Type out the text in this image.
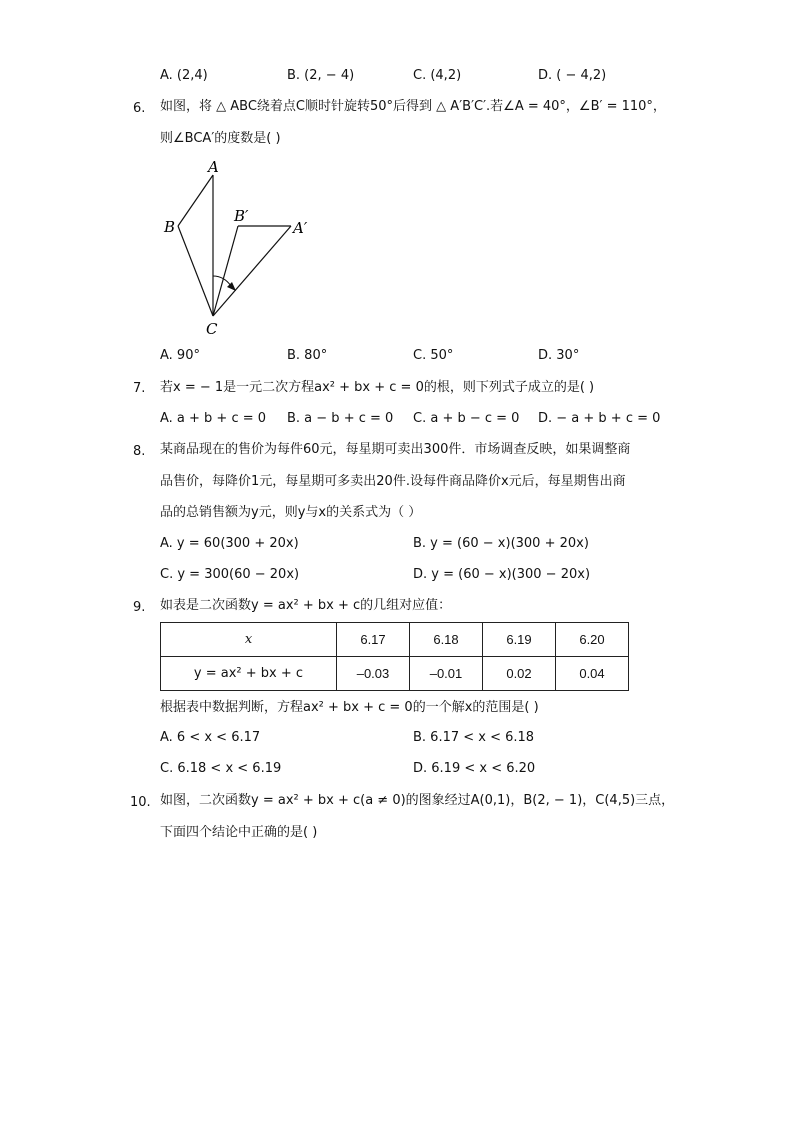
A. (2,4)	B. (2, − 4)	C. (4,2)	D. ( − 4,2)
6. 如图，将 △ ABC绕着点C顺时针旋转50°后得到 △ A′B′C′.若∠A = 40°，∠B′ = 110°，
则∠BCA′的度数是( )
A
B
C
B′
A′
A. 90°	B. 80°	C. 50°	D. 30°
7. 若x = − 1是一元二次方程ax² + bx + c = 0的根，则下列式子成立的是( )
A. a + b + c = 0 B. a − b + c = 0 C. a + b − c = 0 D. − a + b + c = 0
8. 某商品现在的售价为每件60元，每星期可卖出300件．市场调查反映，如果调整商
品售价，每降价1元，每星期可多卖出20件.设每件商品降价x元后，每星期售出商
品的总销售额为y元，则y与x的关系式为（ ）
A. y = 60(300 + 20x)	B. y = (60 − x)(300 + 20x)
C. y = 300(60 − 20x)	D. y = (60 − x)(300 − 20x)
9. 如表是二次函数y = ax² + bx + c的几组对应值：
x	6.17	6.18	6.19	6.20
y = ax² + bx + c	–0.03	–0.01	0.02	0.04
根据表中数据判断，方程ax² + bx + c = 0的一个解x的范围是( )
A. 6 < x < 6.17	B. 6.17 < x < 6.18
C. 6.18 < x < 6.19	D. 6.19 < x < 6.20
10. 如图，二次函数y = ax² + bx + c(a ≠ 0)的图象经过A(0,1)，B(2, − 1)，C(4,5)三点，
下面四个结论中正确的是( )
